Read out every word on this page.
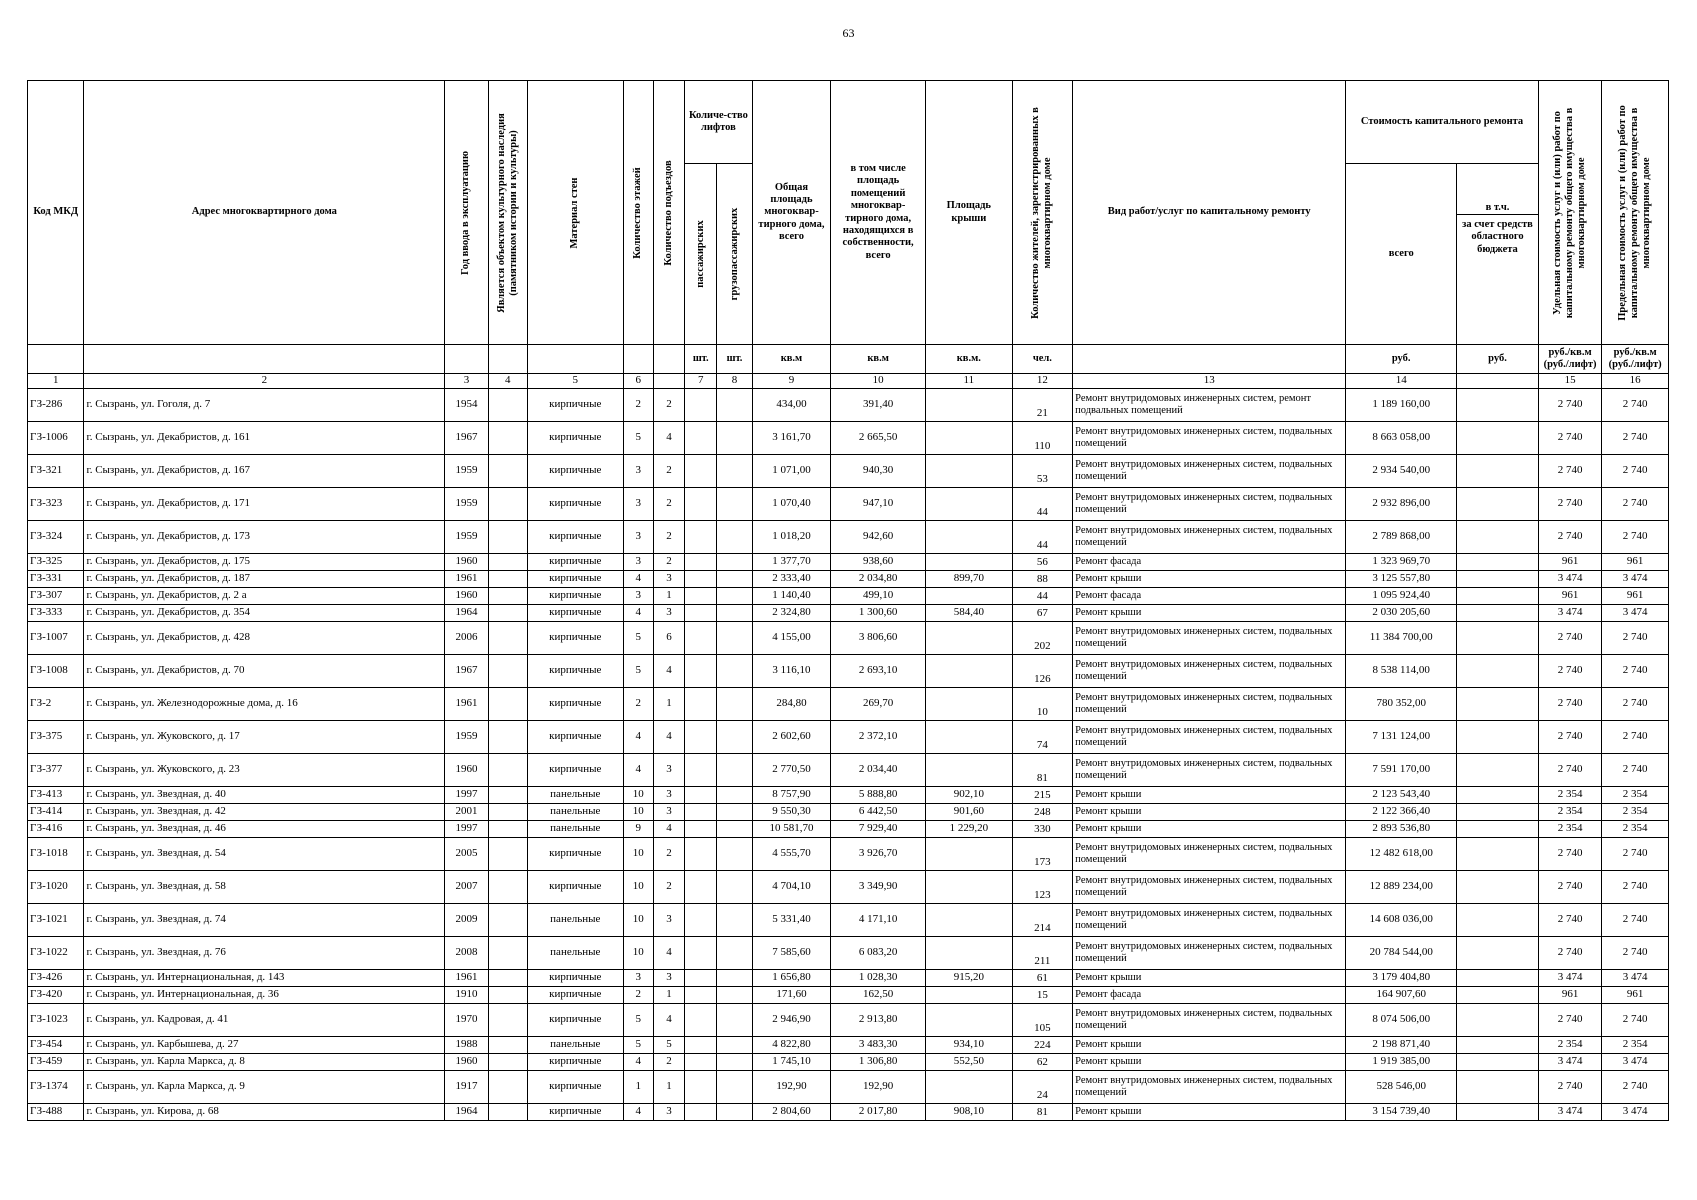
63
Код МКД	Адрес многоквартирного дома	Год ввода в эксплуатацию	Является объектом культурного наследия (памятником истории и культуры)	Материал стен	Количество этажей	Количество подъездов	Количе-ство лифтов		Общая площадь многоквар-тирного дома, всего	в том числе площадь помещений многоквар-тирного дома, находящихся в собственности, всего	Площадь крыши	Количество жителей, зарегистрированных в многоквартирном доме	Вид работ/услуг по капитальному ремонту	Стоимость капитального ремонта		Удельная стоимость услуг и (или) работ по капитальному ремонту общего имущества в многоквартирном доме	Предельная стоимость услуг и (или) работ по капитальному ремонту общего имущества в многоквартирном доме

							пассажирских	грузопассажирских						всего	в т.ч.		
															за счет средств областного бюджета		
							шт.	шт.	кв.м	кв.м	кв.м.	чел.		руб.	руб.	руб./кв.м (руб./лифт)	руб./кв.м (руб./лифт)
1	2	3	4	5	6		7	8	9	10	11	12	13	14		15	16
ГЗ-286	г. Сызрань, ул. Гоголя, д. 7	1954		кирпичные	2	2			434,00	391,40		21	Ремонт внутридомовых инженерных систем, ремонт подвальных помещений	1 189 160,00		2 740	2 740
ГЗ-1006	г. Сызрань, ул. Декабристов, д. 161	1967		кирпичные	5	4			3 161,70	2 665,50		110	Ремонт внутридомовых инженерных систем, подвальных помещений	8 663 058,00		2 740	2 740
ГЗ-321	г. Сызрань, ул. Декабристов, д. 167	1959		кирпичные	3	2			1 071,00	940,30		53	Ремонт внутридомовых инженерных систем, подвальных помещений	2 934 540,00		2 740	2 740
ГЗ-323	г. Сызрань, ул. Декабристов, д. 171	1959		кирпичные	3	2			1 070,40	947,10		44	Ремонт внутридомовых инженерных систем, подвальных помещений	2 932 896,00		2 740	2 740
ГЗ-324	г. Сызрань, ул. Декабристов, д. 173	1959		кирпичные	3	2			1 018,20	942,60		44	Ремонт внутридомовых инженерных систем, подвальных помещений	2 789 868,00		2 740	2 740
ГЗ-325	г. Сызрань, ул. Декабристов, д. 175	1960		кирпичные	3	2			1 377,70	938,60		56	Ремонт фасада	1 323 969,70		961	961
ГЗ-331	г. Сызрань, ул. Декабристов, д. 187	1961		кирпичные	4	3			2 333,40	2 034,80	899,70	88	Ремонт крыши	3 125 557,80		3 474	3 474
ГЗ-307	г. Сызрань, ул. Декабристов, д. 2 а	1960		кирпичные	3	1			1 140,40	499,10		44	Ремонт фасада	1 095 924,40		961	961
ГЗ-333	г. Сызрань, ул. Декабристов, д. 354	1964		кирпичные	4	3			2 324,80	1 300,60	584,40	67	Ремонт крыши	2 030 205,60		3 474	3 474
ГЗ-1007	г. Сызрань, ул. Декабристов, д. 428	2006		кирпичные	5	6			4 155,00	3 806,60		202	Ремонт внутридомовых инженерных систем, подвальных помещений	11 384 700,00		2 740	2 740
ГЗ-1008	г. Сызрань, ул. Декабристов, д. 70	1967		кирпичные	5	4			3 116,10	2 693,10		126	Ремонт внутридомовых инженерных систем, подвальных помещений	8 538 114,00		2 740	2 740
ГЗ-2	г. Сызрань, ул. Железнодорожные дома, д. 16	1961		кирпичные	2	1			284,80	269,70		10	Ремонт внутридомовых инженерных систем, подвальных помещений	780 352,00		2 740	2 740
ГЗ-375	г. Сызрань, ул. Жуковского, д. 17	1959		кирпичные	4	4			2 602,60	2 372,10		74	Ремонт внутридомовых инженерных систем, подвальных помещений	7 131 124,00		2 740	2 740
ГЗ-377	г. Сызрань, ул. Жуковского, д. 23	1960		кирпичные	4	3			2 770,50	2 034,40		81	Ремонт внутридомовых инженерных систем, подвальных помещений	7 591 170,00		2 740	2 740
ГЗ-413	г. Сызрань, ул. Звездная, д. 40	1997		панельные	10	3			8 757,90	5 888,80	902,10	215	Ремонт крыши	2 123 543,40		2 354	2 354
ГЗ-414	г. Сызрань, ул. Звездная, д. 42	2001		панельные	10	3			9 550,30	6 442,50	901,60	248	Ремонт крыши	2 122 366,40		2 354	2 354
ГЗ-416	г. Сызрань, ул. Звездная, д. 46	1997		панельные	9	4			10 581,70	7 929,40	1 229,20	330	Ремонт крыши	2 893 536,80		2 354	2 354
ГЗ-1018	г. Сызрань, ул. Звездная, д. 54	2005		кирпичные	10	2			4 555,70	3 926,70		173	Ремонт внутридомовых инженерных систем, подвальных помещений	12 482 618,00		2 740	2 740
ГЗ-1020	г. Сызрань, ул. Звездная, д. 58	2007		кирпичные	10	2			4 704,10	3 349,90		123	Ремонт внутридомовых инженерных систем, подвальных помещений	12 889 234,00		2 740	2 740
ГЗ-1021	г. Сызрань, ул. Звездная, д. 74	2009		панельные	10	3			5 331,40	4 171,10		214	Ремонт внутридомовых инженерных систем, подвальных помещений	14 608 036,00		2 740	2 740
ГЗ-1022	г. Сызрань, ул. Звездная, д. 76	2008		панельные	10	4			7 585,60	6 083,20		211	Ремонт внутридомовых инженерных систем, подвальных помещений	20 784 544,00		2 740	2 740
ГЗ-426	г. Сызрань, ул. Интернациональная, д. 143	1961		кирпичные	3	3			1 656,80	1 028,30	915,20	61	Ремонт крыши	3 179 404,80		3 474	3 474
ГЗ-420	г. Сызрань, ул. Интернациональная, д. 36	1910		кирпичные	2	1			171,60	162,50		15	Ремонт фасада	164 907,60		961	961
ГЗ-1023	г. Сызрань, ул. Кадровая, д. 41	1970		кирпичные	5	4			2 946,90	2 913,80		105	Ремонт внутридомовых инженерных систем, подвальных помещений	8 074 506,00		2 740	2 740
ГЗ-454	г. Сызрань, ул. Карбышева, д. 27	1988		панельные	5	5			4 822,80	3 483,30	934,10	224	Ремонт крыши	2 198 871,40		2 354	2 354
ГЗ-459	г. Сызрань, ул. Карла Маркса, д. 8	1960		кирпичные	4	2			1 745,10	1 306,80	552,50	62	Ремонт крыши	1 919 385,00		3 474	3 474
ГЗ-1374	г. Сызрань, ул. Карла Маркса, д. 9	1917		кирпичные	1	1			192,90	192,90		24	Ремонт внутридомовых инженерных систем, подвальных помещений	528 546,00		2 740	2 740
ГЗ-488	г. Сызрань, ул. Кирова, д. 68	1964		кирпичные	4	3			2 804,60	2 017,80	908,10	81	Ремонт крыши	3 154 739,40		3 474	3 474
